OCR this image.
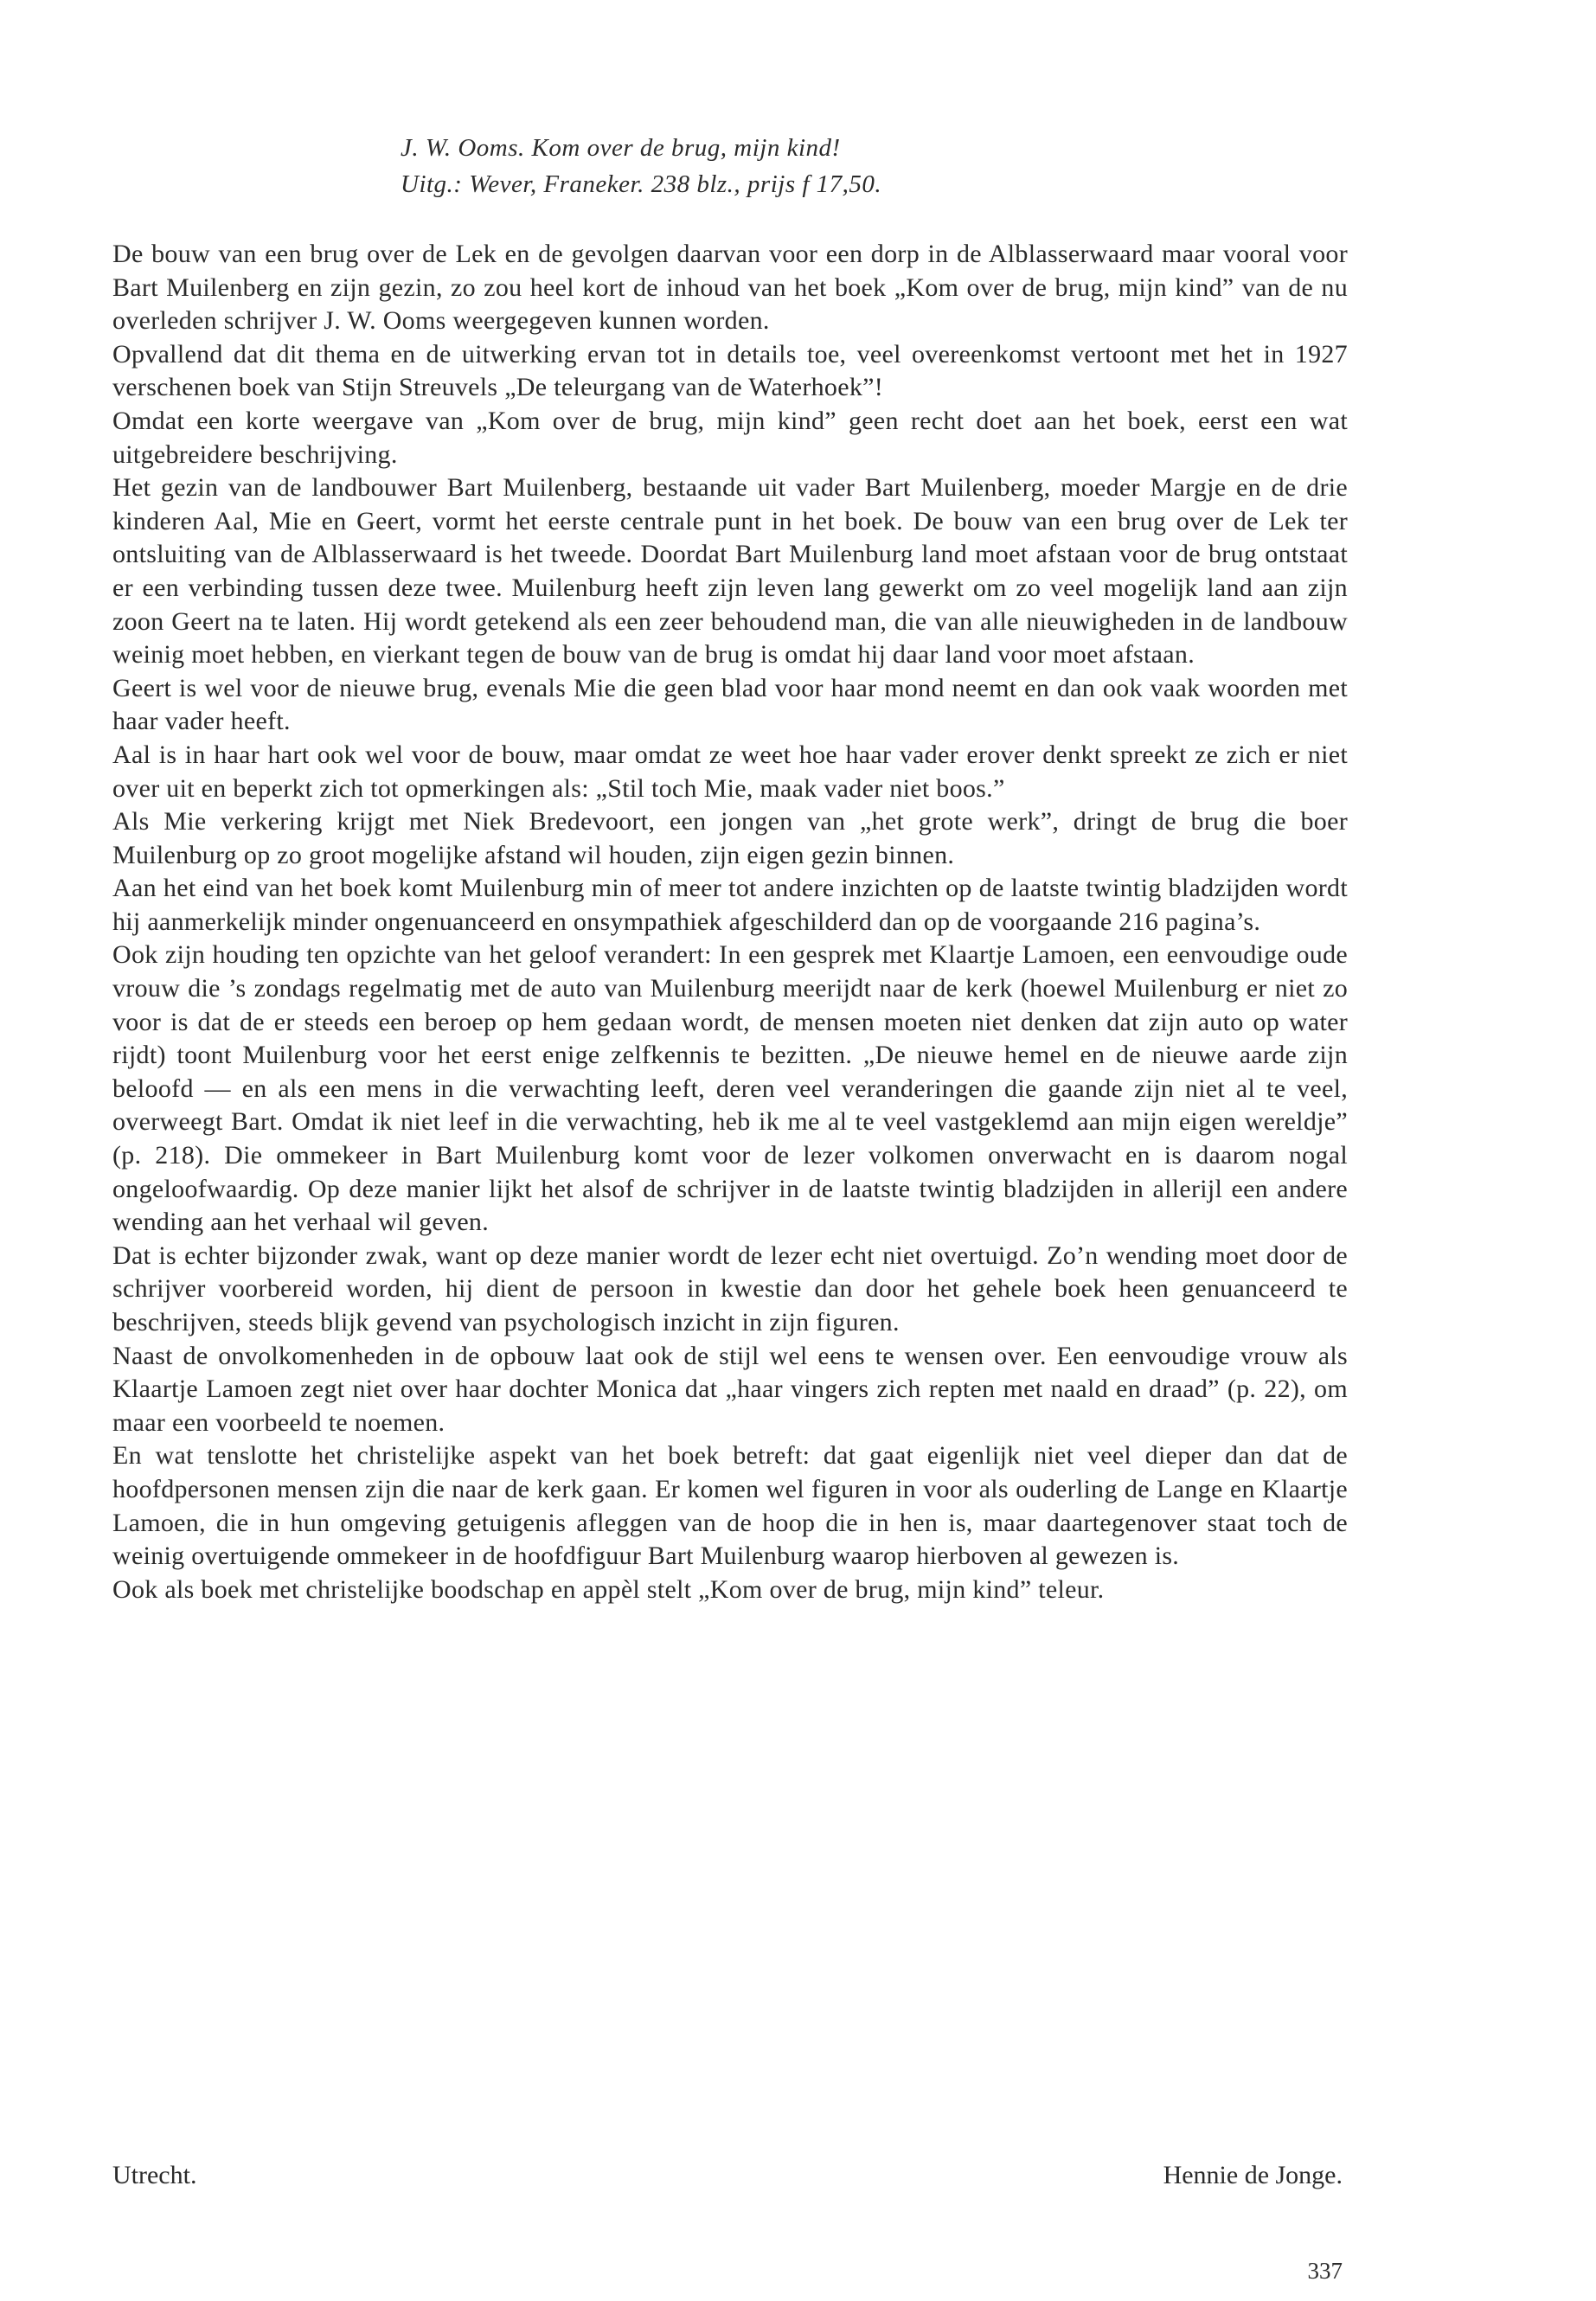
J. W. Ooms. Kom over de brug, mijn kind!
Uitg.: Wever, Franeker. 238 blz., prijs f 17,50.

De bouw van een brug over de Lek en de gevolgen daarvan voor een dorp in de Alblasserwaard maar vooral voor Bart Muilenberg en zijn gezin, zo zou heel kort de inhoud van het boek „Kom over de brug, mijn kind” van de nu overleden schrijver J. W. Ooms weergegeven kunnen worden.

Opvallend dat dit thema en de uitwerking ervan tot in details toe, veel overeenkomst vertoont met het in 1927 verschenen boek van Stijn Streuvels „De teleurgang van de Waterhoek”!

Omdat een korte weergave van „Kom over de brug, mijn kind” geen recht doet aan het boek, eerst een wat uitgebreidere beschrijving.

Het gezin van de landbouwer Bart Muilenberg, bestaande uit vader Bart Muilenberg, moeder Margje en de drie kinderen Aal, Mie en Geert, vormt het eerste centrale punt in het boek. De bouw van een brug over de Lek ter ontsluiting van de Alblasserwaard is het tweede. Doordat Bart Muilenburg land moet afstaan voor de brug ontstaat er een verbinding tussen deze twee. Muilenburg heeft zijn leven lang gewerkt om zo veel mogelijk land aan zijn zoon Geert na te laten. Hij wordt getekend als een zeer behoudend man, die van alle nieuwigheden in de landbouw weinig moet hebben, en vierkant tegen de bouw van de brug is omdat hij daar land voor moet afstaan.

Geert is wel voor de nieuwe brug, evenals Mie die geen blad voor haar mond neemt en dan ook vaak woorden met haar vader heeft.

Aal is in haar hart ook wel voor de bouw, maar omdat ze weet hoe haar vader erover denkt spreekt ze zich er niet over uit en beperkt zich tot opmerkingen als: „Stil toch Mie, maak vader niet boos.”

Als Mie verkering krijgt met Niek Bredevoort, een jongen van „het grote werk”, dringt de brug die boer Muilenburg op zo groot mogelijke afstand wil houden, zijn eigen gezin binnen.

Aan het eind van het boek komt Muilenburg min of meer tot andere inzichten op de laatste twintig bladzijden wordt hij aanmerkelijk minder ongenuanceerd en onsympathiek afgeschilderd dan op de voorgaande 216 pagina’s.

Ook zijn houding ten opzichte van het geloof verandert: In een gesprek met Klaartje Lamoen, een eenvoudige oude vrouw die ’s zondags regelmatig met de auto van Muilenburg meerijdt naar de kerk (hoewel Muilenburg er niet zo voor is dat de er steeds een beroep op hem gedaan wordt, de mensen moeten niet denken dat zijn auto op water rijdt) toont Muilenburg voor het eerst enige zelfkennis te bezitten. „De nieuwe hemel en de nieuwe aarde zijn beloofd — en als een mens in die verwachting leeft, deren veel veranderingen die gaande zijn niet al te veel, overweegt Bart. Omdat ik niet leef in die verwachting, heb ik me al te veel vastgeklemd aan mijn eigen wereldje” (p. 218). Die ommekeer in Bart Muilenburg komt voor de lezer volkomen onverwacht en is daarom nogal ongeloofwaardig. Op deze manier lijkt het alsof de schrijver in de laatste twintig bladzijden in allerijl een andere wending aan het verhaal wil geven.

Dat is echter bijzonder zwak, want op deze manier wordt de lezer echt niet overtuigd. Zo’n wending moet door de schrijver voorbereid worden, hij dient de persoon in kwestie dan door het gehele boek heen genuanceerd te beschrijven, steeds blijk gevend van psychologisch inzicht in zijn figuren.

Naast de onvolkomenheden in de opbouw laat ook de stijl wel eens te wensen over. Een eenvoudige vrouw als Klaartje Lamoen zegt niet over haar dochter Monica dat „haar vingers zich repten met naald en draad” (p. 22), om maar een voorbeeld te noemen.

En wat tenslotte het christelijke aspekt van het boek betreft: dat gaat eigenlijk niet veel dieper dan dat de hoofdpersonen mensen zijn die naar de kerk gaan. Er komen wel figuren in voor als ouderling de Lange en Klaartje Lamoen, die in hun omgeving getuigenis afleggen van de hoop die in hen is, maar daartegenover staat toch de weinig overtuigende ommekeer in de hoofdfiguur Bart Muilenburg waarop hierboven al gewezen is.

Ook als boek met christelijke boodschap en appèl stelt „Kom over de brug, mijn kind” teleur.

Utrecht.	Hennie de Jonge.
337
